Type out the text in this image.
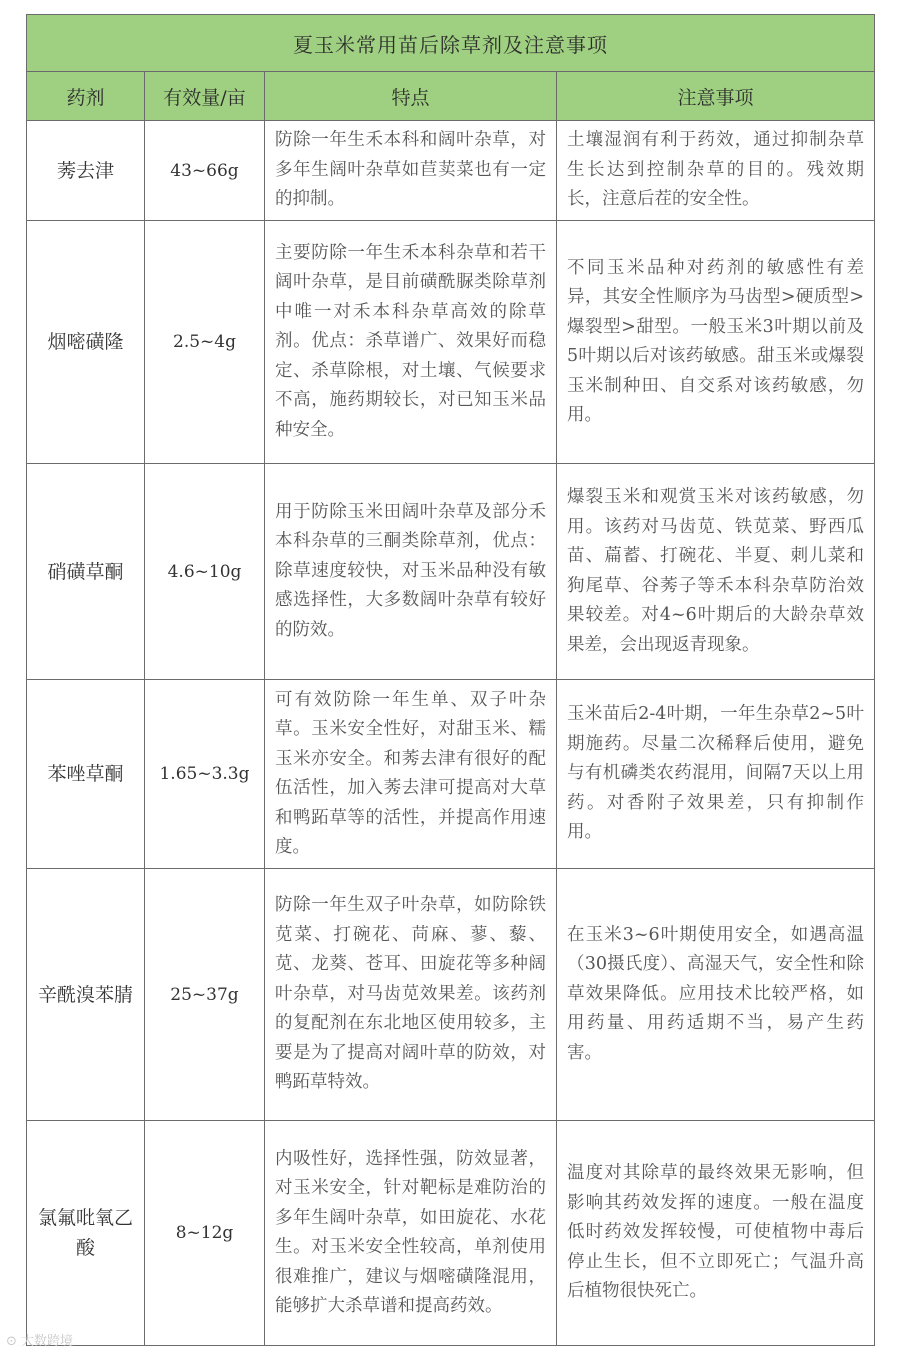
夏玉米常用苗后除草剂及注意事项			
药剂	有效量/亩	特点	注意事项
莠去津	43~66g	防除一年生禾本科和阔叶杂草，对多年生阔叶杂草如苣荬菜也有一定的抑制。	土壤湿润有利于药效，通过抑制杂草生长达到控制杂草的目的。残效期长，注意后茬的安全性。
烟嘧磺隆	2.5~4g	主要防除一年生禾本科杂草和若干阔叶杂草，是目前磺酰脲类除草剂中唯一对禾本科杂草高效的除草剂。优点：杀草谱广、效果好而稳定、杀草除根，对土壤、气候要求不高，施药期较长，对已知玉米品种安全。	不同玉米品种对药剂的敏感性有差异，其安全性顺序为马齿型>硬质型>爆裂型>甜型。一般玉米3叶期以前及5叶期以后对该药敏感。甜玉米或爆裂玉米制种田、自交系对该药敏感，勿用。
硝磺草酮	4.6~10g	用于防除玉米田阔叶杂草及部分禾本科杂草的三酮类除草剂，优点：除草速度较快，对玉米品种没有敏感选择性，大多数阔叶杂草有较好的防效。	爆裂玉米和观赏玉米对该药敏感，勿用。该药对马齿苋、铁苋菜、野西瓜苗、萹蓄、打碗花、半夏、刺儿菜和狗尾草、谷莠子等禾本科杂草防治效果较差。对4~6叶期后的大龄杂草效果差，会出现返青现象。
苯唑草酮	1.65~3.3g	可有效防除一年生单、双子叶杂草。玉米安全性好，对甜玉米、糯玉米亦安全。和莠去津有很好的配伍活性，加入莠去津可提高对大草和鸭跖草等的活性，并提高作用速度。	玉米苗后2-4叶期，一年生杂草2~5叶期施药。尽量二次稀释后使用，避免与有机磷类农药混用，间隔7天以上用药。对香附子效果差，只有抑制作用。
辛酰溴苯腈	25~37g	防除一年生双子叶杂草，如防除铁苋菜、打碗花、苘麻、蓼、藜、苋、龙葵、苍耳、田旋花等多种阔叶杂草，对马齿苋效果差。该药剂的复配剂在东北地区使用较多，主要是为了提高对阔叶草的防效，对鸭跖草特效。	在玉米3~6叶期使用安全，如遇高温（30摄氏度）、高湿天气，安全性和除草效果降低。应用技术比较严格，如用药量、用药适期不当，易产生药害。
氯氟吡氧乙酸	8~12g	内吸性好，选择性强，防效显著，对玉米安全，针对靶标是难防治的多年生阔叶杂草，如田旋花、水花生。对玉米安全性较高，单剂使用很难推广，建议与烟嘧磺隆混用，能够扩大杀草谱和提高药效。	温度对其除草的最终效果无影响，但影响其药效发挥的速度。一般在温度低时药效发挥较慢，可使植物中毒后停止生长，但不立即死亡；气温升高后植物很快死亡。
⊙ 大数跨境
